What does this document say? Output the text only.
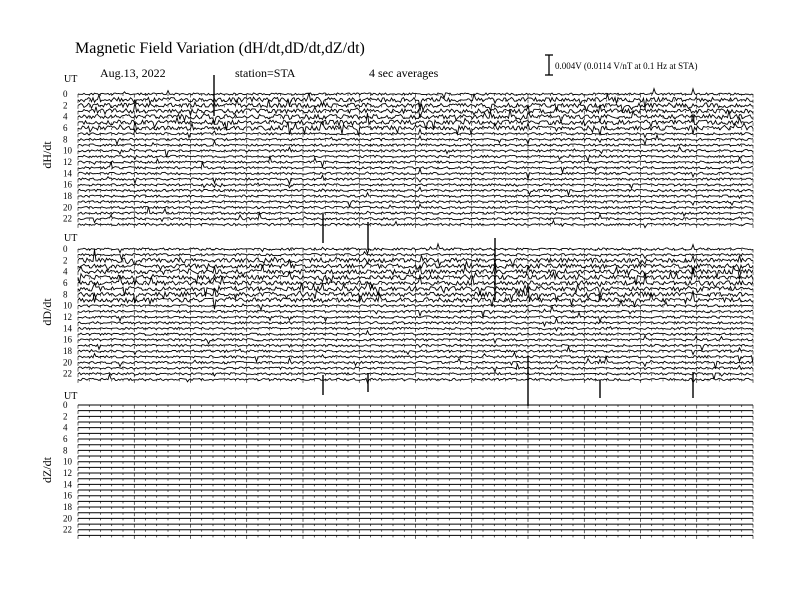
Magnetic Field Variation (dH/dt,dD/dt,dZ/dt)
Aug.13, 2022	station=STA	4 sec averages	0.004V (0.0114 V/nT at 0.1 Hz at STA)
UT
dH/dt
0
2
4
6
8
10
12
14
16
18
20
22
UT
dD/dt
0
2
4
6
8
10
12
14
16
18
20
22
UT
dZ/dt
0
2
4
6
8
10
12
14
16
18
20
22
